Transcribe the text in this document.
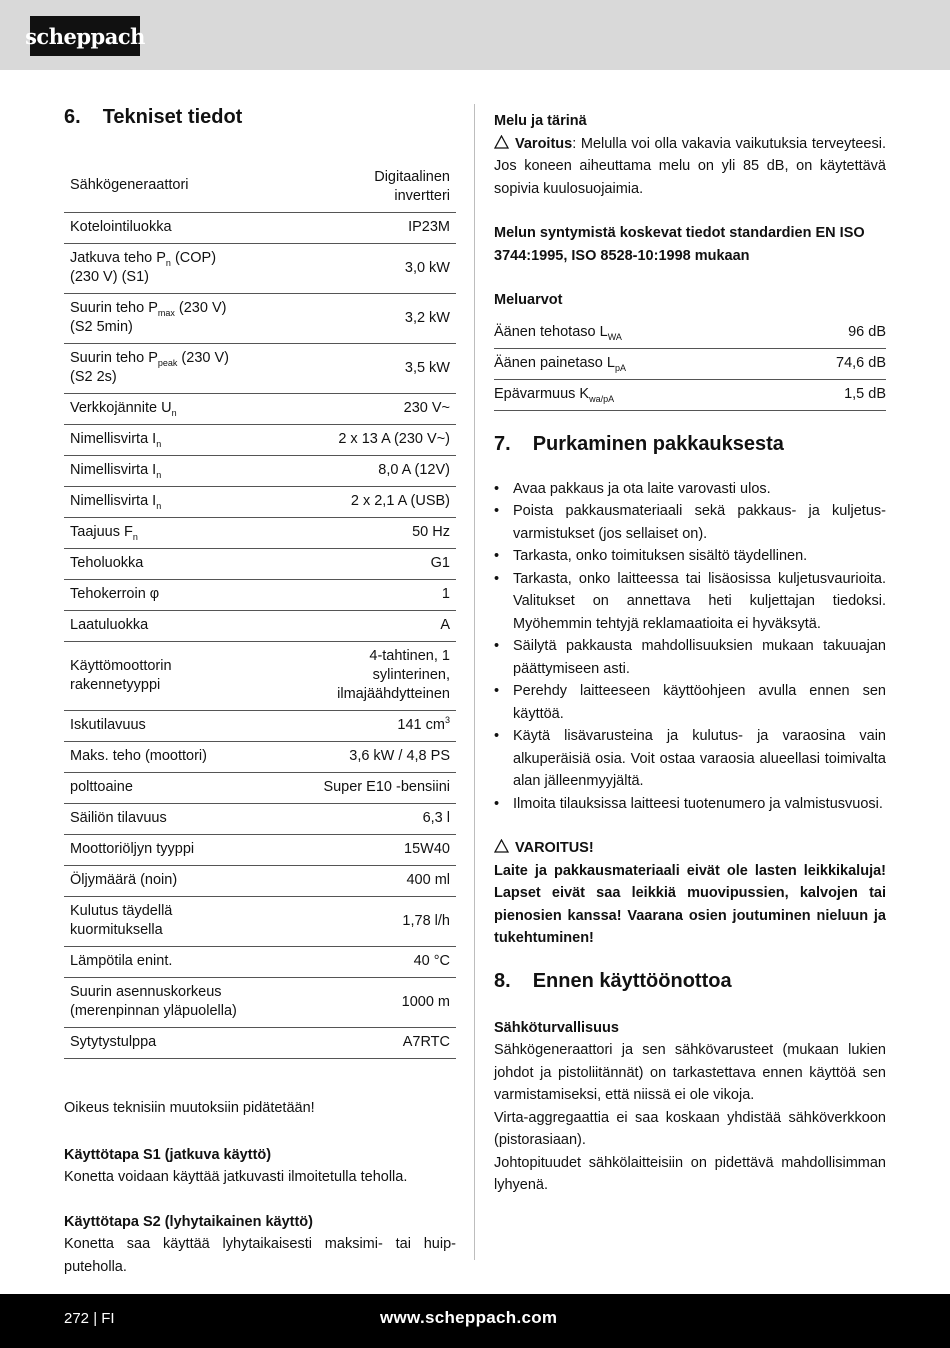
scheppach
6. Tekniset tiedot
Sähkögeneraattori	Digitaalinen
invertteri
Kotelointiluokka	IP23M
Jatkuva teho $P_n$ (COP)
(230 V) (S1)	3,0 kW
Suurin teho $P_{max}$ (230 V)
(S2 5min)	3,2 kW
Suurin teho $P_{peak}$ (230 V)
(S2 2s)	3,5 kW
Verkkojännite $U_n$	230 V~
Nimellisvirta $I_n$	2 x 13 A (230 V~)
Nimellisvirta $I_n$	8,0 A (12V)
Nimellisvirta $I_n$	2 x 2,1 A (USB)
Taajuus $F_n$	50 Hz
Teholuokka	G1
Tehokerroin φ	1
Laatuluokka	A
Käyttömoottorin
rakennetyyppi	4-tahtinen, 1
sylinterinen,
ilmajäähdytteinen
Iskutilavuus	141 $cm^3$
Maks. teho (moottori)	3,6 kW / 4,8 PS
polttoaine	Super E10 -bensiini
Säiliön tilavuus	6,3 l
Moottoriöljyn tyyppi	15W40
Öljymäärä (noin)	400 ml
Kulutus täydellä
kuormituksella	1,78 l/h
Lämpötila enint.	40 °C
Suurin asennuskorkeus
(merenpinnan yläpuolella)	1000 m
Sytytystulppa	A7RTC

Oikeus teknisiin muutoksiin pidätetään!

Käyttötapa S1 (jatkuva käyttö)

Konetta voidaan käyttää jatkuvasti ilmoitetulla teholla.

Käyttötapa S2 (lyhytaikainen käyttö)

Konetta saa käyttää lyhytaikaisesti maksimi- tai huipputeholla.

Melu ja tärinä

Varoitus: Melulla voi olla vakavia vaikutuksia terveyteesi. Jos koneen aiheuttama melu on yli 85 dB, on käytettävä sopivia kuulosuojaimia.

Melun syntymistä koskevat tiedot standardien EN ISO 3744:1995, ISO 8528-10:1998 mukaan

Meluarvot

Äänen tehotaso $L_{WA}$	96 dB
Äänen painetaso $L_{pA}$	74,6 dB
Epävarmuus $K_{wa/pA}$	1,5 dB
7. Purkaminen pakkauksesta
• Avaa pakkaus ja ota laite varovasti ulos.
• Poista pakkausmateriaali sekä pakkaus- ja kuljetusvarmistukset (jos sellaiset on).
• Tarkasta, onko toimituksen sisältö täydellinen.
• Tarkasta, onko laitteessa tai lisäosissa kuljetusvaurioita. Valitukset on annettava heti kuljettajan tiedoksi. Myöhemmin tehtyjä reklamaatioita ei hyväksytä.
• Säilytä pakkausta mahdollisuuksien mukaan takuuajan päättymiseen asti.
• Perehdy laitteeseen käyttöohjeen avulla ennen sen käyttöä.
• Käytä lisävarusteina ja kulutus- ja varaosina vain alkuperäisiä osia. Voit ostaa varaosia alueellasi toimivalta alan jälleenmyyjältä.
• Ilmoita tilauksissa laitteesi tuotenumero ja valmistusvuosi.

VAROITUS!

Laite ja pakkausmateriaali eivät ole lasten leikkikaluja! Lapset eivät saa leikkiä muovipussien, kalvojen tai pienosien kanssa! Vaarana osien joutuminen nieluun ja tukehtuminen!

8. Ennen käyttöönottoa

Sähköturvallisuus

Sähkögeneraattori ja sen sähkövarusteet (mukaan lukien johdot ja pistoliitännät) on tarkastettava ennen käyttöä sen varmistamiseksi, että niissä ei ole vikoja.

Virta-aggregaattia ei saa koskaan yhdistää sähköverkkoon (pistorasiaan).

Johtopituudet sähkölaitteisiin on pidettävä mahdollisimman lyhyenä.

272 | FI	www.scheppach.com
